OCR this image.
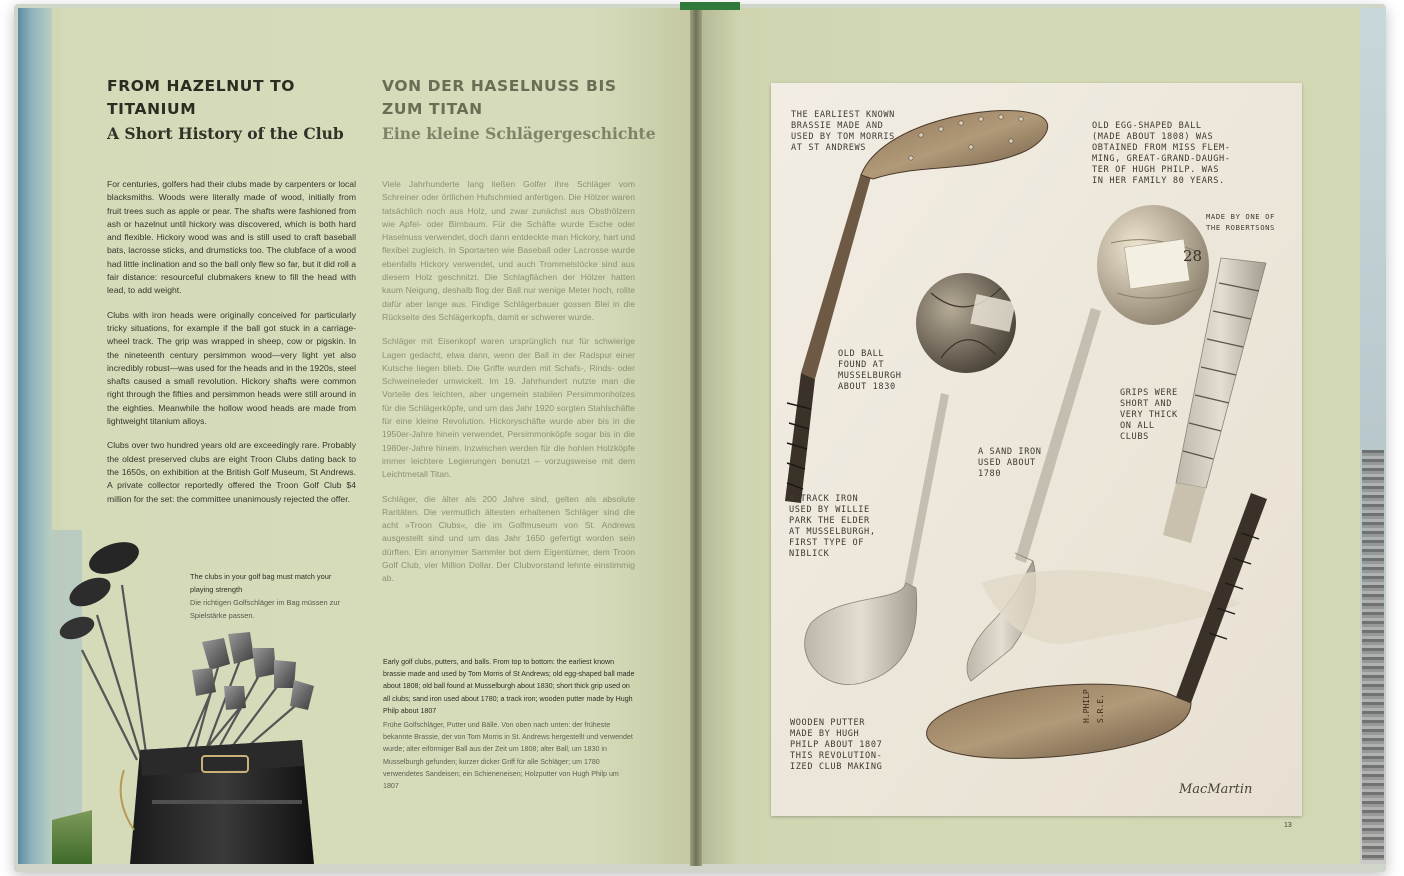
FROM HAZELNUT TO
TITANIUM
A Short History of the Club
VON DER HASELNUSS BIS
ZUM TITAN
Eine kleine Schlägergeschichte

For centuries, golfers had their clubs made by carpenters or local blacksmiths. Woods were literally made of wood, initially from fruit trees such as apple or pear. The shafts were fashioned from ash or hazelnut until hickory was discovered, which is both hard and flexible. Hickory wood was and is still used to craft baseball bats, lacrosse sticks, and drumsticks too. The clubface of a wood had little inclination and so the ball only flew so far, but it did roll a fair distance: resourceful clubmakers knew to fill the head with lead, to add weight.

Clubs with iron heads were originally conceived for particularly tricky situations, for example if the ball got stuck in a carriage-wheel track. The grip was wrapped in sheep, cow or pigskin. In the nineteenth century persimmon wood—very light yet also incredibly robust—was used for the heads and in the 1920s, steel shafts caused a small revolution. Hickory shafts were common right through the fifties and persimmon heads were still around in the eighties. Meanwhile the hollow wood heads are made from lightweight titanium alloys.

Clubs over two hundred years old are exceedingly rare. Probably the oldest preserved clubs are eight Troon Clubs dating back to the 1650s, on exhibition at the British Golf Museum, St Andrews. A private collector reportedly offered the Troon Golf Club $4 million for the set: the committee unanimously rejected the offer.

Viele Jahrhunderte lang ließen Golfer ihre Schläger vom Schreiner oder örtlichen Hufschmied anfertigen. Die Hölzer waren tatsächlich noch aus Holz, und zwar zunächst aus Obsthölzern wie Apfel- oder Birnbaum. Für die Schäfte wurde Esche oder Haselnuss verwendet, doch dann entdeckte man Hickory, hart und flexibel zugleich. In Sportarten wie Baseball oder Lacrosse wurde ebenfalls Hickory verwendet, und auch Trommelstöcke sind aus diesem Holz geschnitzt. Die Schlagflächen der Hölzer hatten kaum Neigung, deshalb flog der Ball nur wenige Meter hoch, rollte dafür aber lange aus. Findige Schlägerbauer gossen Blei in die Rückseite des Schlägerkopfs, damit er schwerer wurde.

Schläger mit Eisenkopf waren ursprünglich nur für schwierige Lagen gedacht, etwa dann, wenn der Ball in der Radspur einer Kutsche liegen blieb. Die Griffe wurden mit Schafs-, Rinds- oder Schweineleder umwickelt. Im 19. Jahrhundert nutzte man die Vorteile des leichten, aber ungemein stabilen Persimmonholzes für die Schlägerköpfe, und um das Jahr 1920 sorgten Stahlschäfte für eine kleine Revolution. Hickoryschäfte wurde aber bis in die 1950er-Jahre hinein verwendet, Persimmonköpfe sogar bis in die 1980er-Jahre hinein. Inzwischen werden für die hohlen Holzköpfe immer leichtere Legierungen benutzt – vorzugsweise mit dem Leichtmetall Titan.

Schläger, die älter als 200 Jahre sind, gelten als absolute Raritäten. Die vermutlich ältesten erhaltenen Schläger sind die acht »Troon Clubs«, die im Golfmuseum von St. Andrews ausgestellt sind und um das Jahr 1650 gefertigt worden sein dürften. Ein anonymer Sammler bot dem Eigentümer, dem Troon Golf Club, vier Million Dollar. Der Clubvorstand lehnte einstimmig ab.

The clubs in your golf bag must match your playing strength

Die richtigen Golfschläger im Bag müssen zur Spielstärke passen.

Early golf clubs, putters, and balls. From top to bottom: the earliest known brassie made and used by Tom Morris of St Andrews; old egg-shaped ball made about 1808; old ball found at Musselburgh about 1830; short thick grip used on all clubs; sand iron used about 1780; a track iron; wooden putter made by Hugh Philp about 1807

Frühe Golfschläger, Putter und Bälle. Von oben nach unten: der früheste bekannte Brassie, der von Tom Morris in St. Andrews hergestellt und verwendet wurde; alter eiförmiger Ball aus der Zeit um 1808; alter Ball, um 1830 in Musselburgh gefunden; kurzer dicker Griff für alle Schläger; um 1780 verwendetes Sandeisen; ein Schieneneisen; Holzputter von Hugh Philp um 1807

28
H.PHILP S.R.E.
MacMartin
THE EARLIEST KNOWN
BRASSIE MADE AND
USED BY TOM MORRIS
AT ST ANDREWS
OLD EGG-SHAPED BALL
(MADE ABOUT 1808) WAS
OBTAINED FROM MISS FLEM-
MING, GREAT-GRAND-DAUGH-
TER OF HUGH PHILP. WAS
IN HER FAMILY 80 YEARS.
MADE BY ONE OF
THE ROBERTSONS
OLD BALL
FOUND AT
MUSSELBURGH
ABOUT 1830
GRIPS WERE
SHORT AND
VERY THICK
ON ALL
CLUBS
A SAND IRON
USED ABOUT
1780
A TRACK IRON
USED BY WILLIE
PARK THE ELDER
AT MUSSELBURGH,
FIRST TYPE OF
NIBLICK
WOODEN PUTTER
MADE BY HUGH
PHILP ABOUT 1807
THIS REVOLUTION-
IZED CLUB MAKING
13
